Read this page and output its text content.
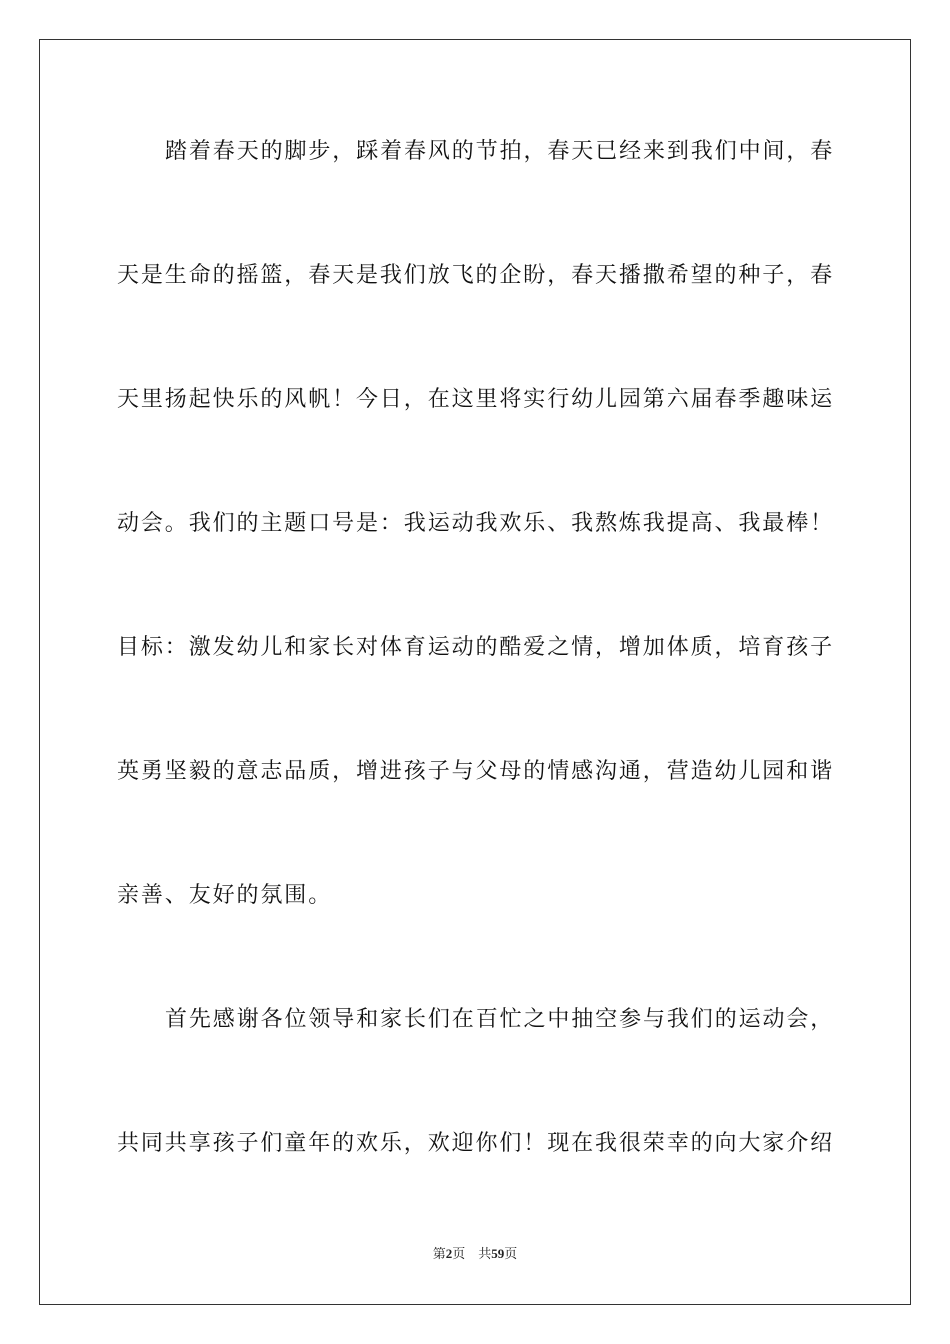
踏着春天的脚步，踩着春风的节拍，春天已经来到我们中间，春
天是生命的摇篮，春天是我们放飞的企盼，春天播撒希望的种子，春
天里扬起快乐的风帆！今日，在这里将实行幼儿园第六届春季趣味运
动会。我们的主题口号是：我运动我欢乐、我熬炼我提高、我最棒！
目标：激发幼儿和家长对体育运动的酷爱之情，增加体质，培育孩子
英勇坚毅的意志品质，增进孩子与父母的情感沟通，营造幼儿园和谐
亲善、友好的氛围。
首先感谢各位领导和家长们在百忙之中抽空参与我们的运动会，
共同共享孩子们童年的欢乐，欢迎你们！现在我很荣幸的向大家介绍
第2页 共59页
